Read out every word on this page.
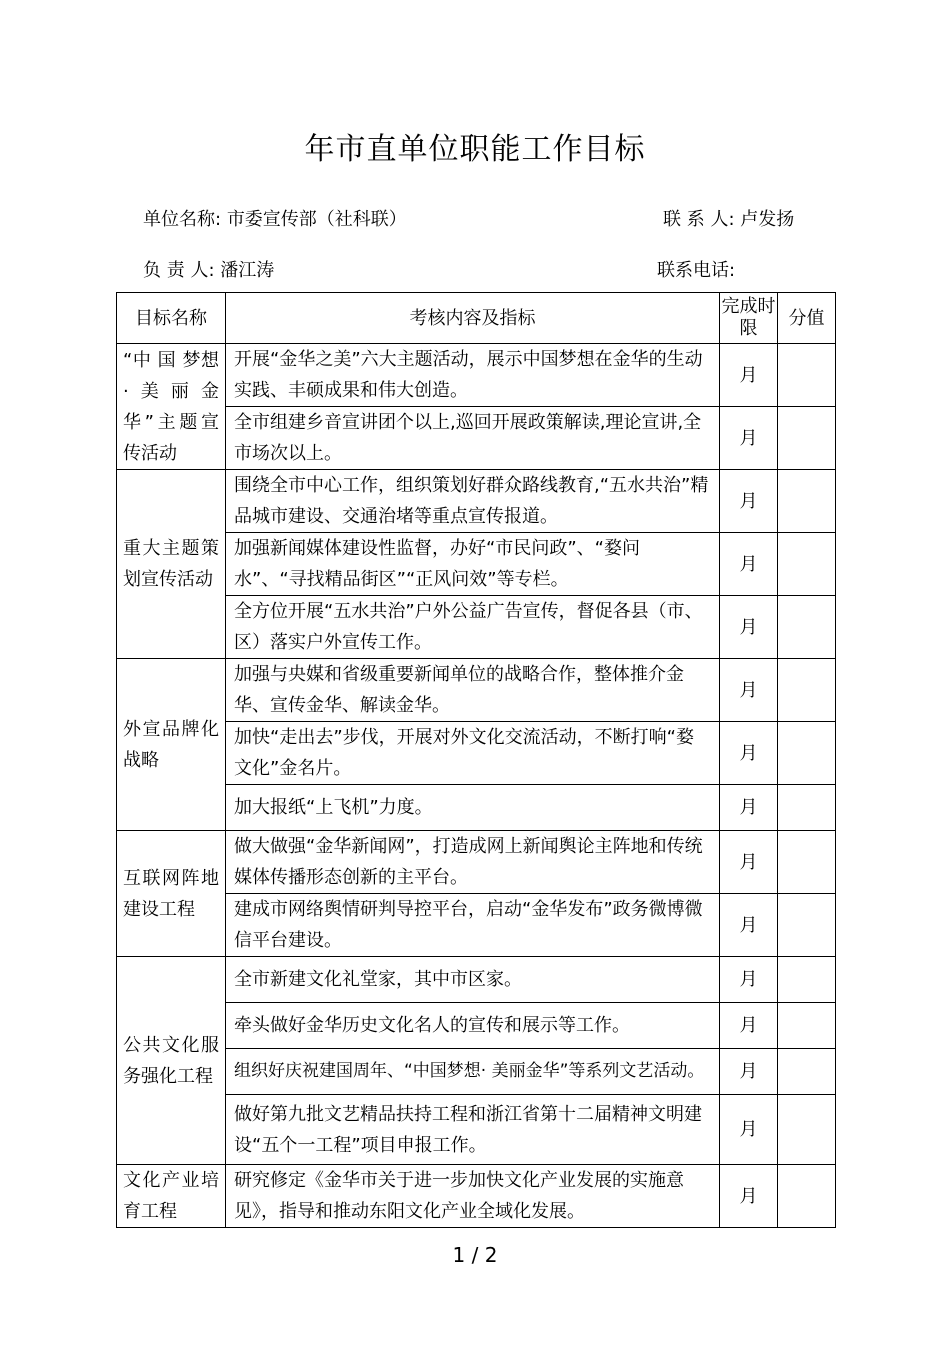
年市直单位职能工作目标
单位名称: 市委宣传部（社科联）	联 系 人: 卢发扬
负 责 人: 潘江涛	联系电话:
目标名称	考核内容及指标	完成时限	分值
“中 国 梦想·美丽金华”主题宣传活动	开展“金华之美”六大主题活动，展示中国梦想在金华的生动实践、丰硕成果和伟大创造。	月	
	全市组建乡音宣讲团个以上,巡回开展政策解读,理论宣讲,全市场次以上。	月	
重大主题策划宣传活动	围绕全市中心工作，组织策划好群众路线教育,“五水共治”精品城市建设、交通治堵等重点宣传报道。	月	
	加强新闻媒体建设性监督，办好“市民问政”、“婺问水”、“寻找精品街区”“正风问效”等专栏。	月	
	全方位开展“五水共治”户外公益广告宣传，督促各县（市、区）落实户外宣传工作。	月	
外宣品牌化战略	加强与央媒和省级重要新闻单位的战略合作，整体推介金华、宣传金华、解读金华。	月	
	加快“走出去”步伐，开展对外文化交流活动，不断打响“婺文化”金名片。	月	
	加大报纸“上飞机”力度。	月	
互联网阵地建设工程	做大做强“金华新闻网”，打造成网上新闻舆论主阵地和传统媒体传播形态创新的主平台。	月	
	建成市网络舆情研判导控平台，启动“金华发布”政务微博微信平台建设。	月	
公共文化服务强化工程	全市新建文化礼堂家，其中市区家。	月	
	牵头做好金华历史文化名人的宣传和展示等工作。	月	
	组织好庆祝建国周年、“中国梦想· 美丽金华”等系列文艺活动。	月	
	做好第九批文艺精品扶持工程和浙江省第十二届精神文明建设“五个一工程”项目申报工作。	月	
文化产业培育工程	研究修定《金华市关于进一步加快文化产业发展的实施意见》，指导和推动东阳文化产业全域化发展。	月	
1 / 2
